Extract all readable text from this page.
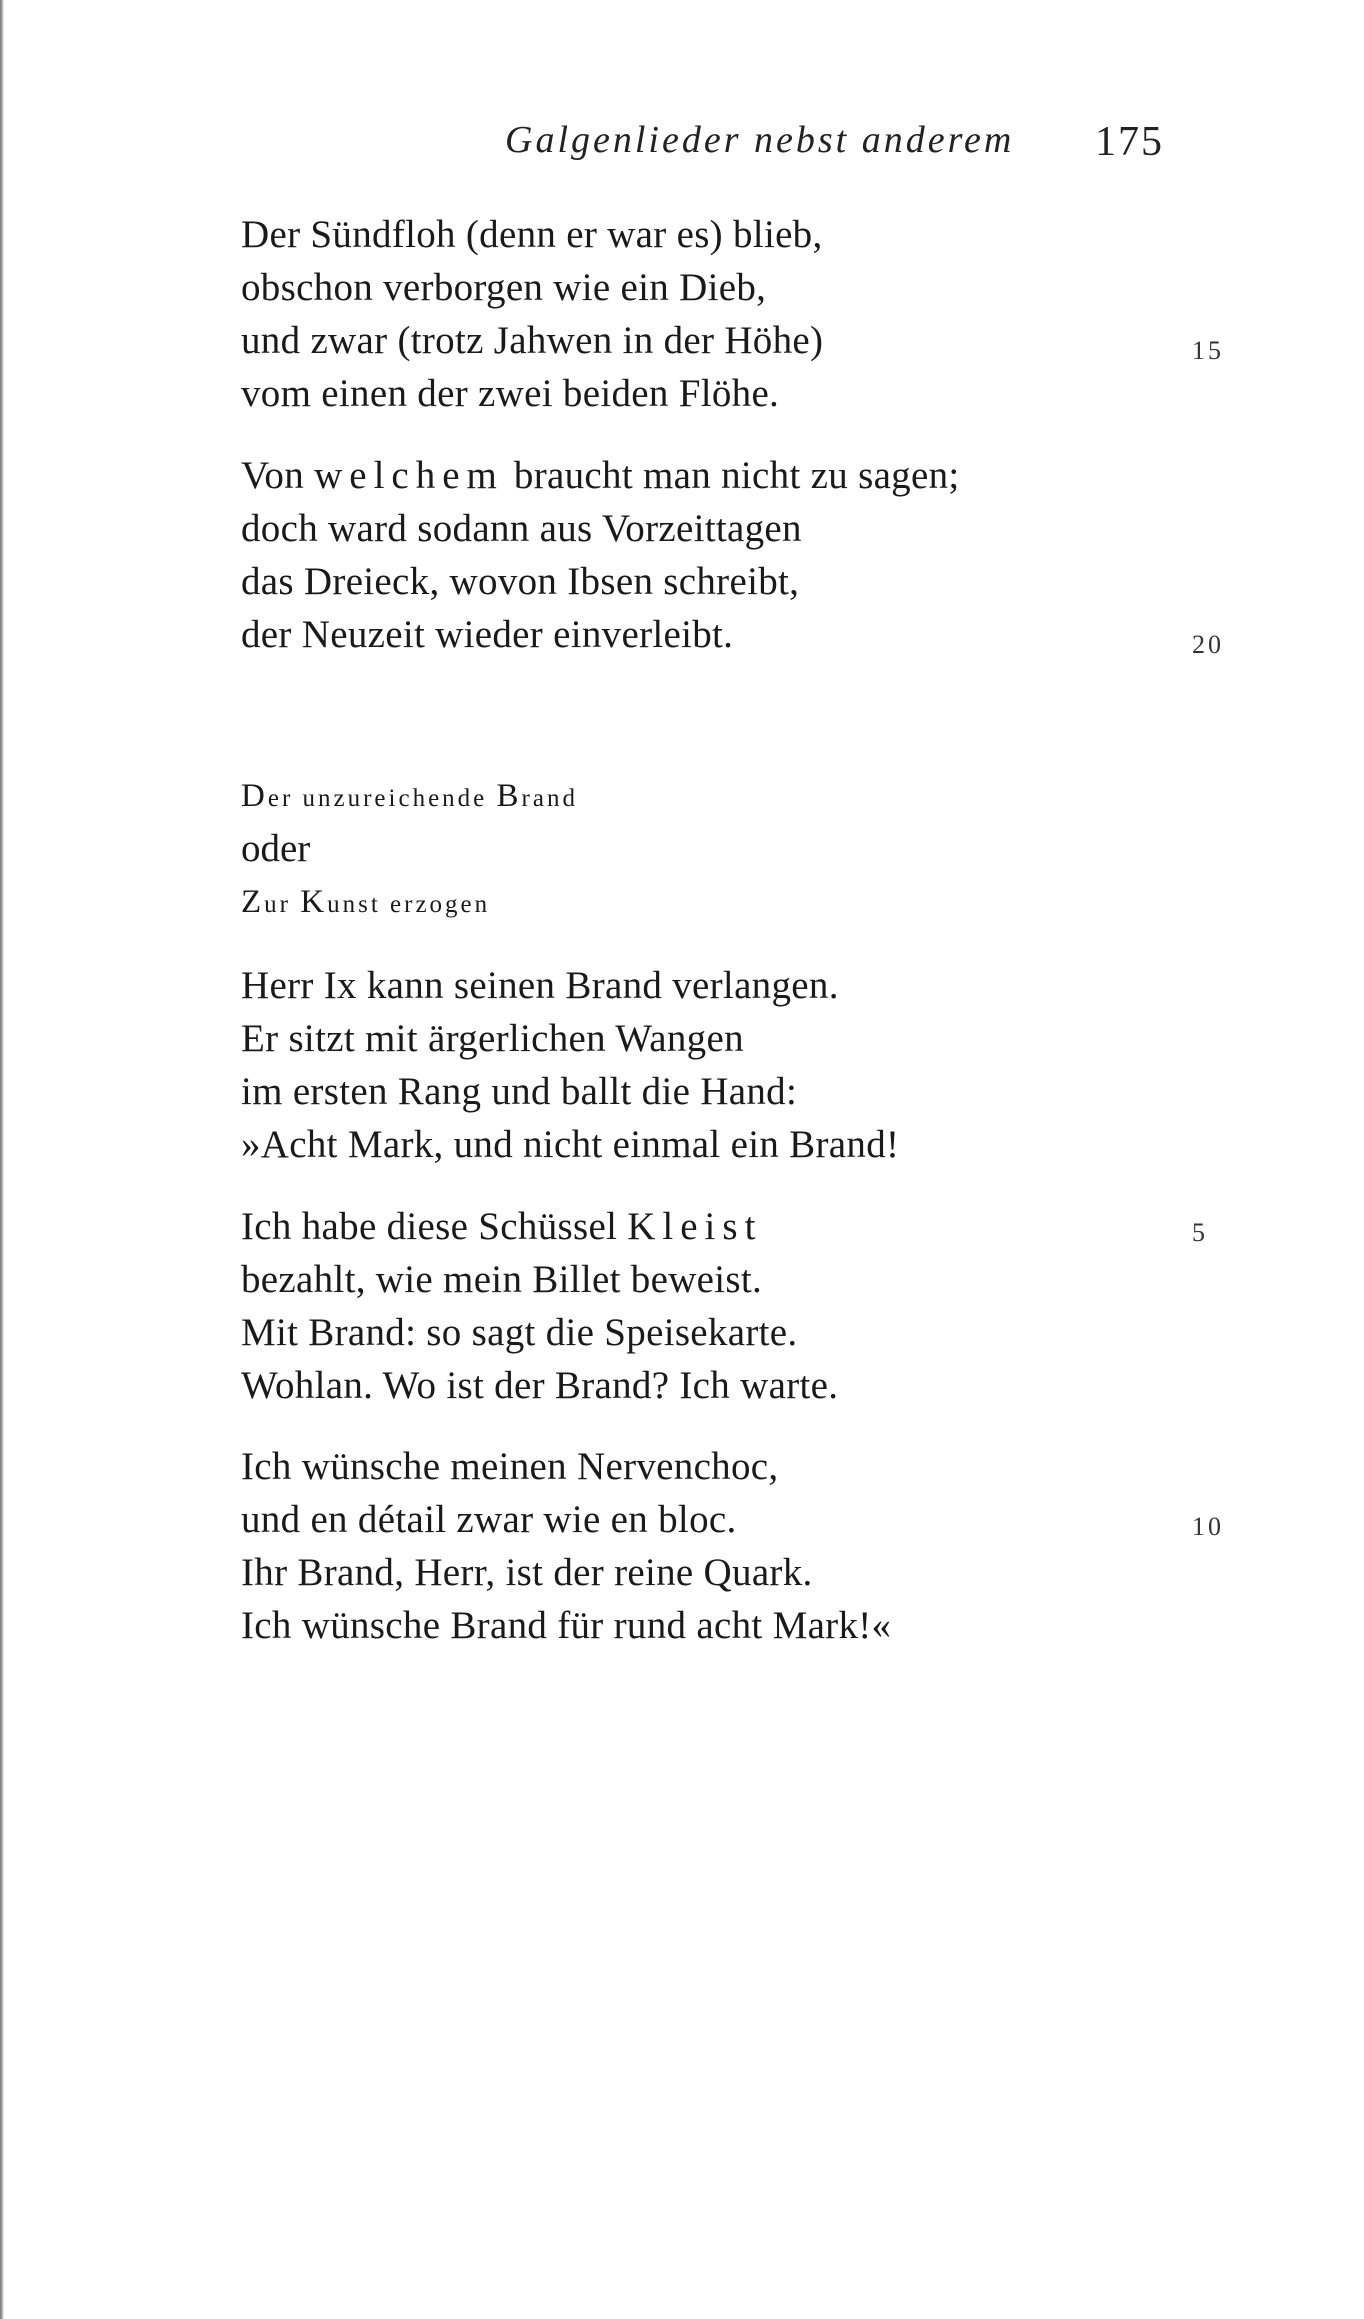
Galgenlieder nebst anderem 175
Der Sündfloh (denn er war es) blieb,
obschon verborgen wie ein Dieb,
und zwar (trotz Jahwen in der Höhe)
vom einen der zwei beiden Flöhe.
Von welchem braucht man nicht zu sagen;
doch ward sodann aus Vorzeittagen
das Dreieck, wovon Ibsen schreibt,
der Neuzeit wieder einverleibt.
15
20
Der unzureichende Brand
oder
Zur Kunst erzogen
Herr Ix kann seinen Brand verlangen.
Er sitzt mit ärgerlichen Wangen
im ersten Rang und ballt die Hand:
»Acht Mark, und nicht einmal ein Brand!
Ich habe diese Schüssel Kleist
bezahlt, wie mein Billet beweist.
Mit Brand: so sagt die Speisekarte.
Wohlan. Wo ist der Brand? Ich warte.
Ich wünsche meinen Nervenchoc,
und en détail zwar wie en bloc.
Ihr Brand, Herr, ist der reine Quark.
Ich wünsche Brand für rund acht Mark!«
5
10
